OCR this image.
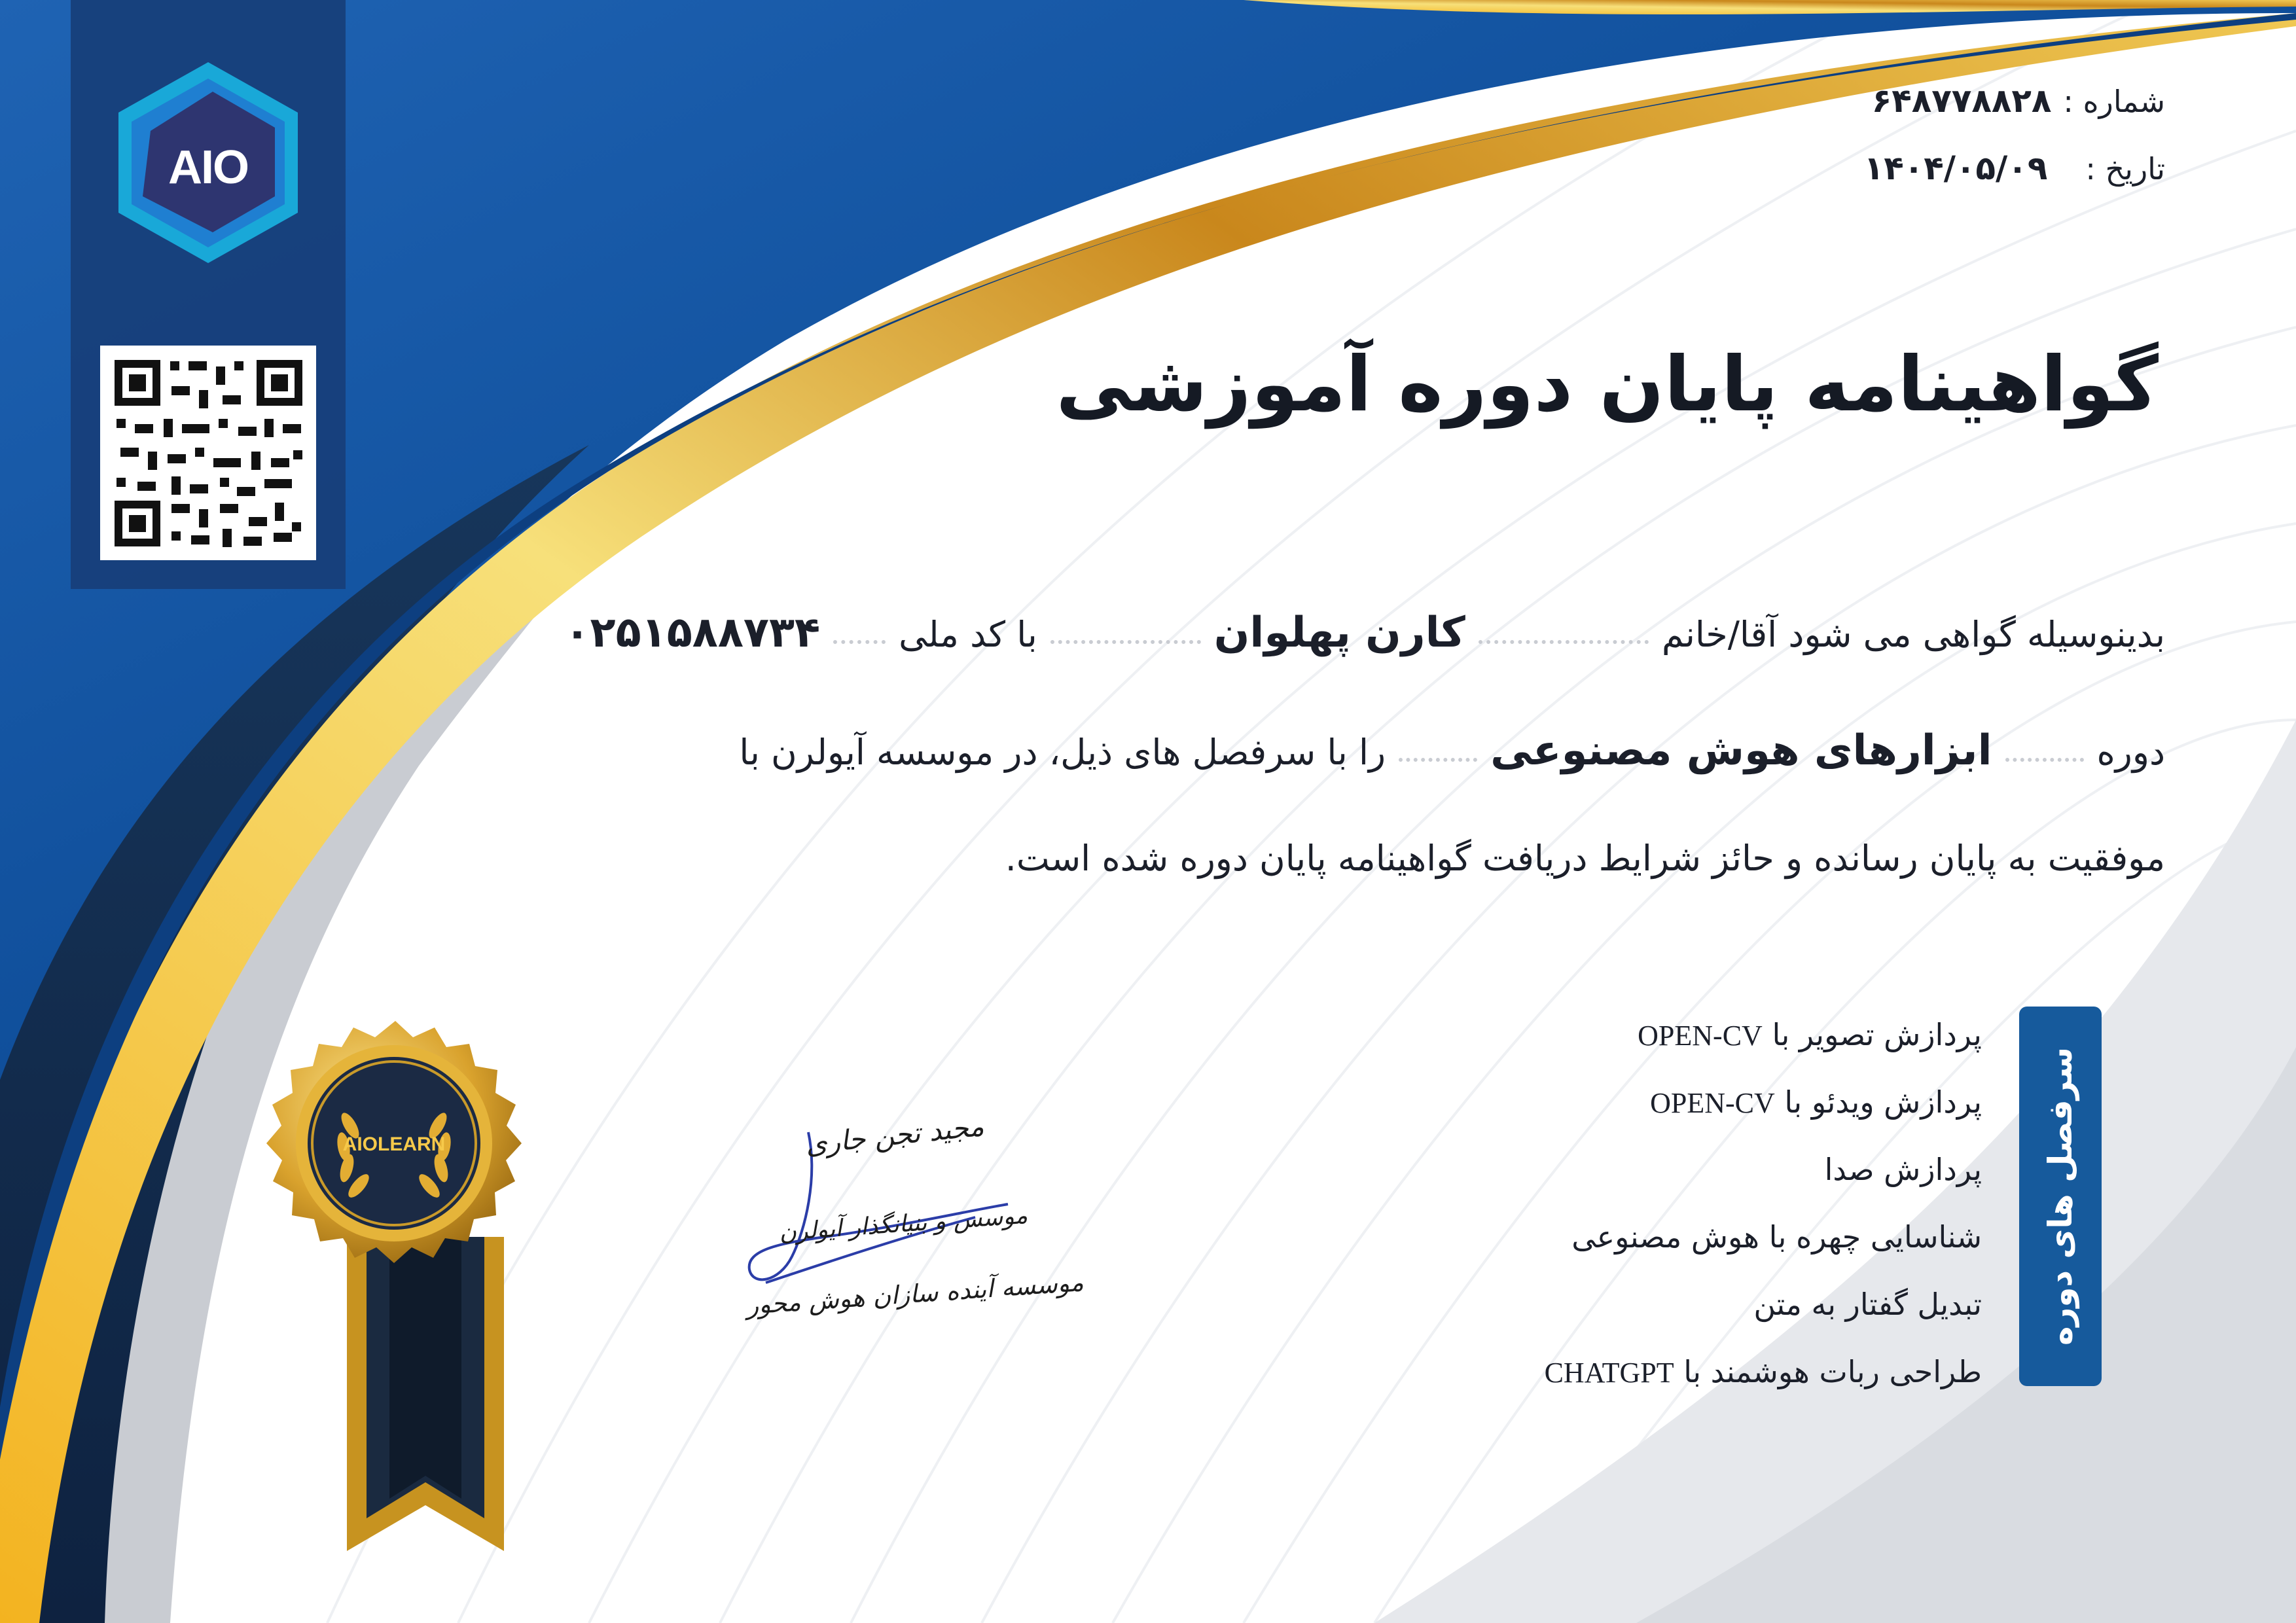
AIO
AIOLEARN
شماره :۶۴۸۷۷۸۸۲۸
تاریخ :۱۴۰۴/۰۵/۰۹
گواهینامه پایان دوره آموزشی
بدینوسیله گواهی می شود آقا/خانم
کارن پهلوان
با کد ملی
۰۲۵۱۵۸۸۷۳۴
دوره
ابزارهای هوش مصنوعی
را با سرفصل های ذیل، در موسسه آیولرن با
موفقیت به پایان رسانده و حائز شرایط دریافت گواهینامه پایان دوره شده است.
پردازش تصویر با OPEN-CV
پردازش ویدئو با OPEN-CV
پردازش صدا
شناسایی چهره با هوش مصنوعی
تبدیل گفتار به متن
طراحی ربات هوشمند با CHATGPT
سرفصل های دوره
مجید تجن جاری
موسس و بنیانگذار آیولرن
موسسه آینده سازان هوش محور
